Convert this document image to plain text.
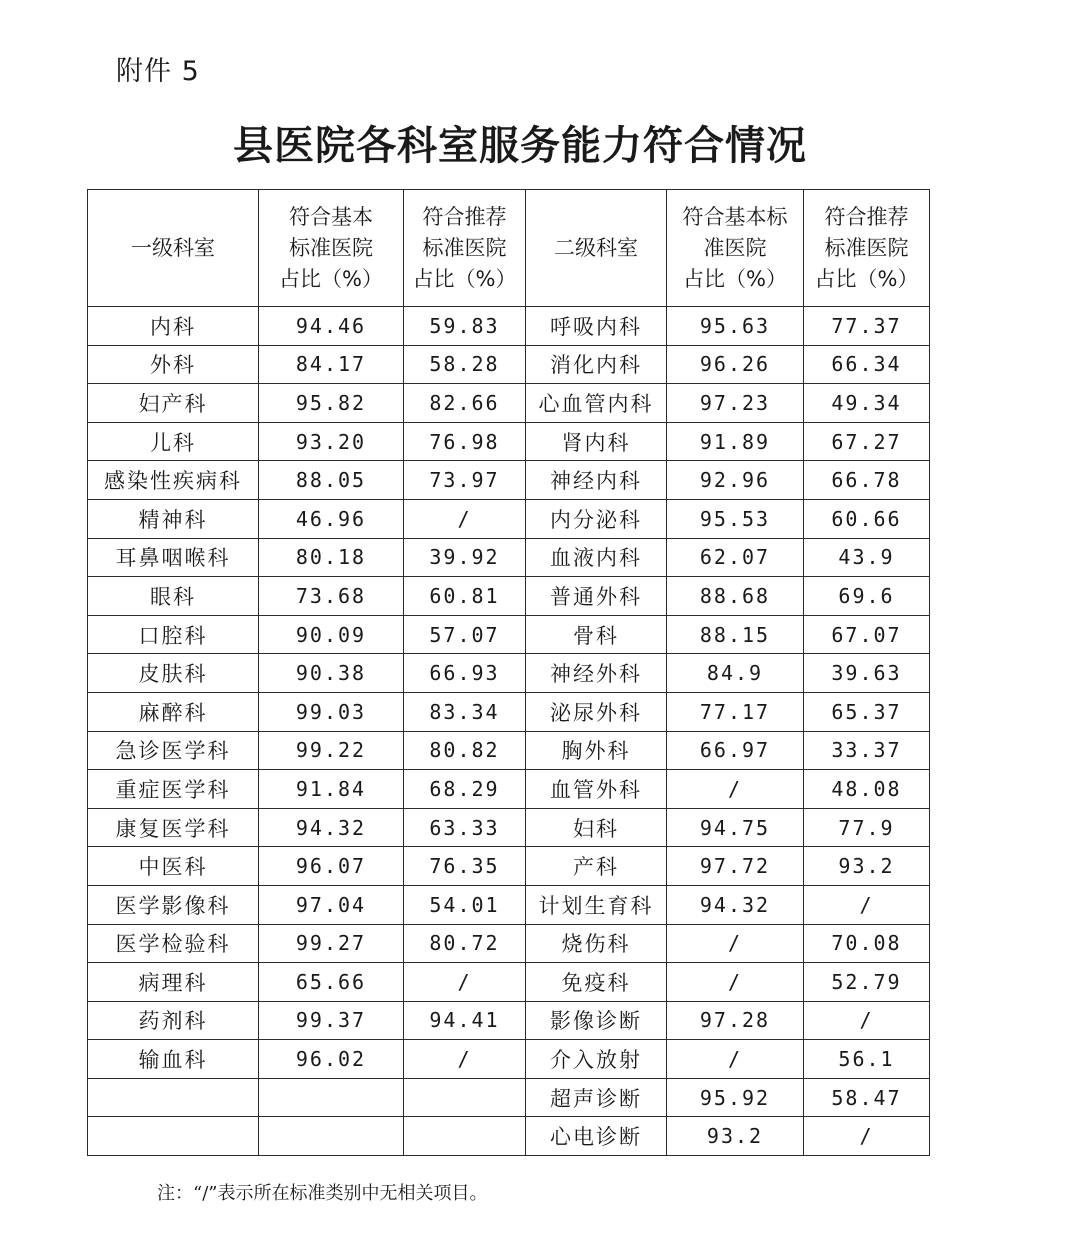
附件 5
县医院各科室服务能力符合情况
一级科室	符合基本
标准医院
占比（%）	符合推荐
标准医院
占比（%）	二级科室	符合基本标
准医院
占比（%）	符合推荐
标准医院
占比（%）

内科	94.46	59.83	呼吸内科	95.63	77.37
外科	84.17	58.28	消化内科	96.26	66.34
妇产科	95.82	82.66	心血管内科	97.23	49.34
儿科	93.20	76.98	肾内科	91.89	67.27
感染性疾病科	88.05	73.97	神经内科	92.96	66.78
精神科	46.96	/	内分泌科	95.53	60.66
耳鼻咽喉科	80.18	39.92	血液内科	62.07	43.9
眼科	73.68	60.81	普通外科	88.68	69.6
口腔科	90.09	57.07	骨科	88.15	67.07
皮肤科	90.38	66.93	神经外科	84.9	39.63
麻醉科	99.03	83.34	泌尿外科	77.17	65.37
急诊医学科	99.22	80.82	胸外科	66.97	33.37
重症医学科	91.84	68.29	血管外科	/	48.08
康复医学科	94.32	63.33	妇科	94.75	77.9
中医科	96.07	76.35	产科	97.72	93.2
医学影像科	97.04	54.01	计划生育科	94.32	/
医学检验科	99.27	80.72	烧伤科	/	70.08
病理科	65.66	/	免疫科	/	52.79
药剂科	99.37	94.41	影像诊断	97.28	/
输血科	96.02	/	介入放射	/	56.1
			超声诊断	95.92	58.47
			心电诊断	93.2	/
注：“/”表示所在标准类别中无相关项目。
